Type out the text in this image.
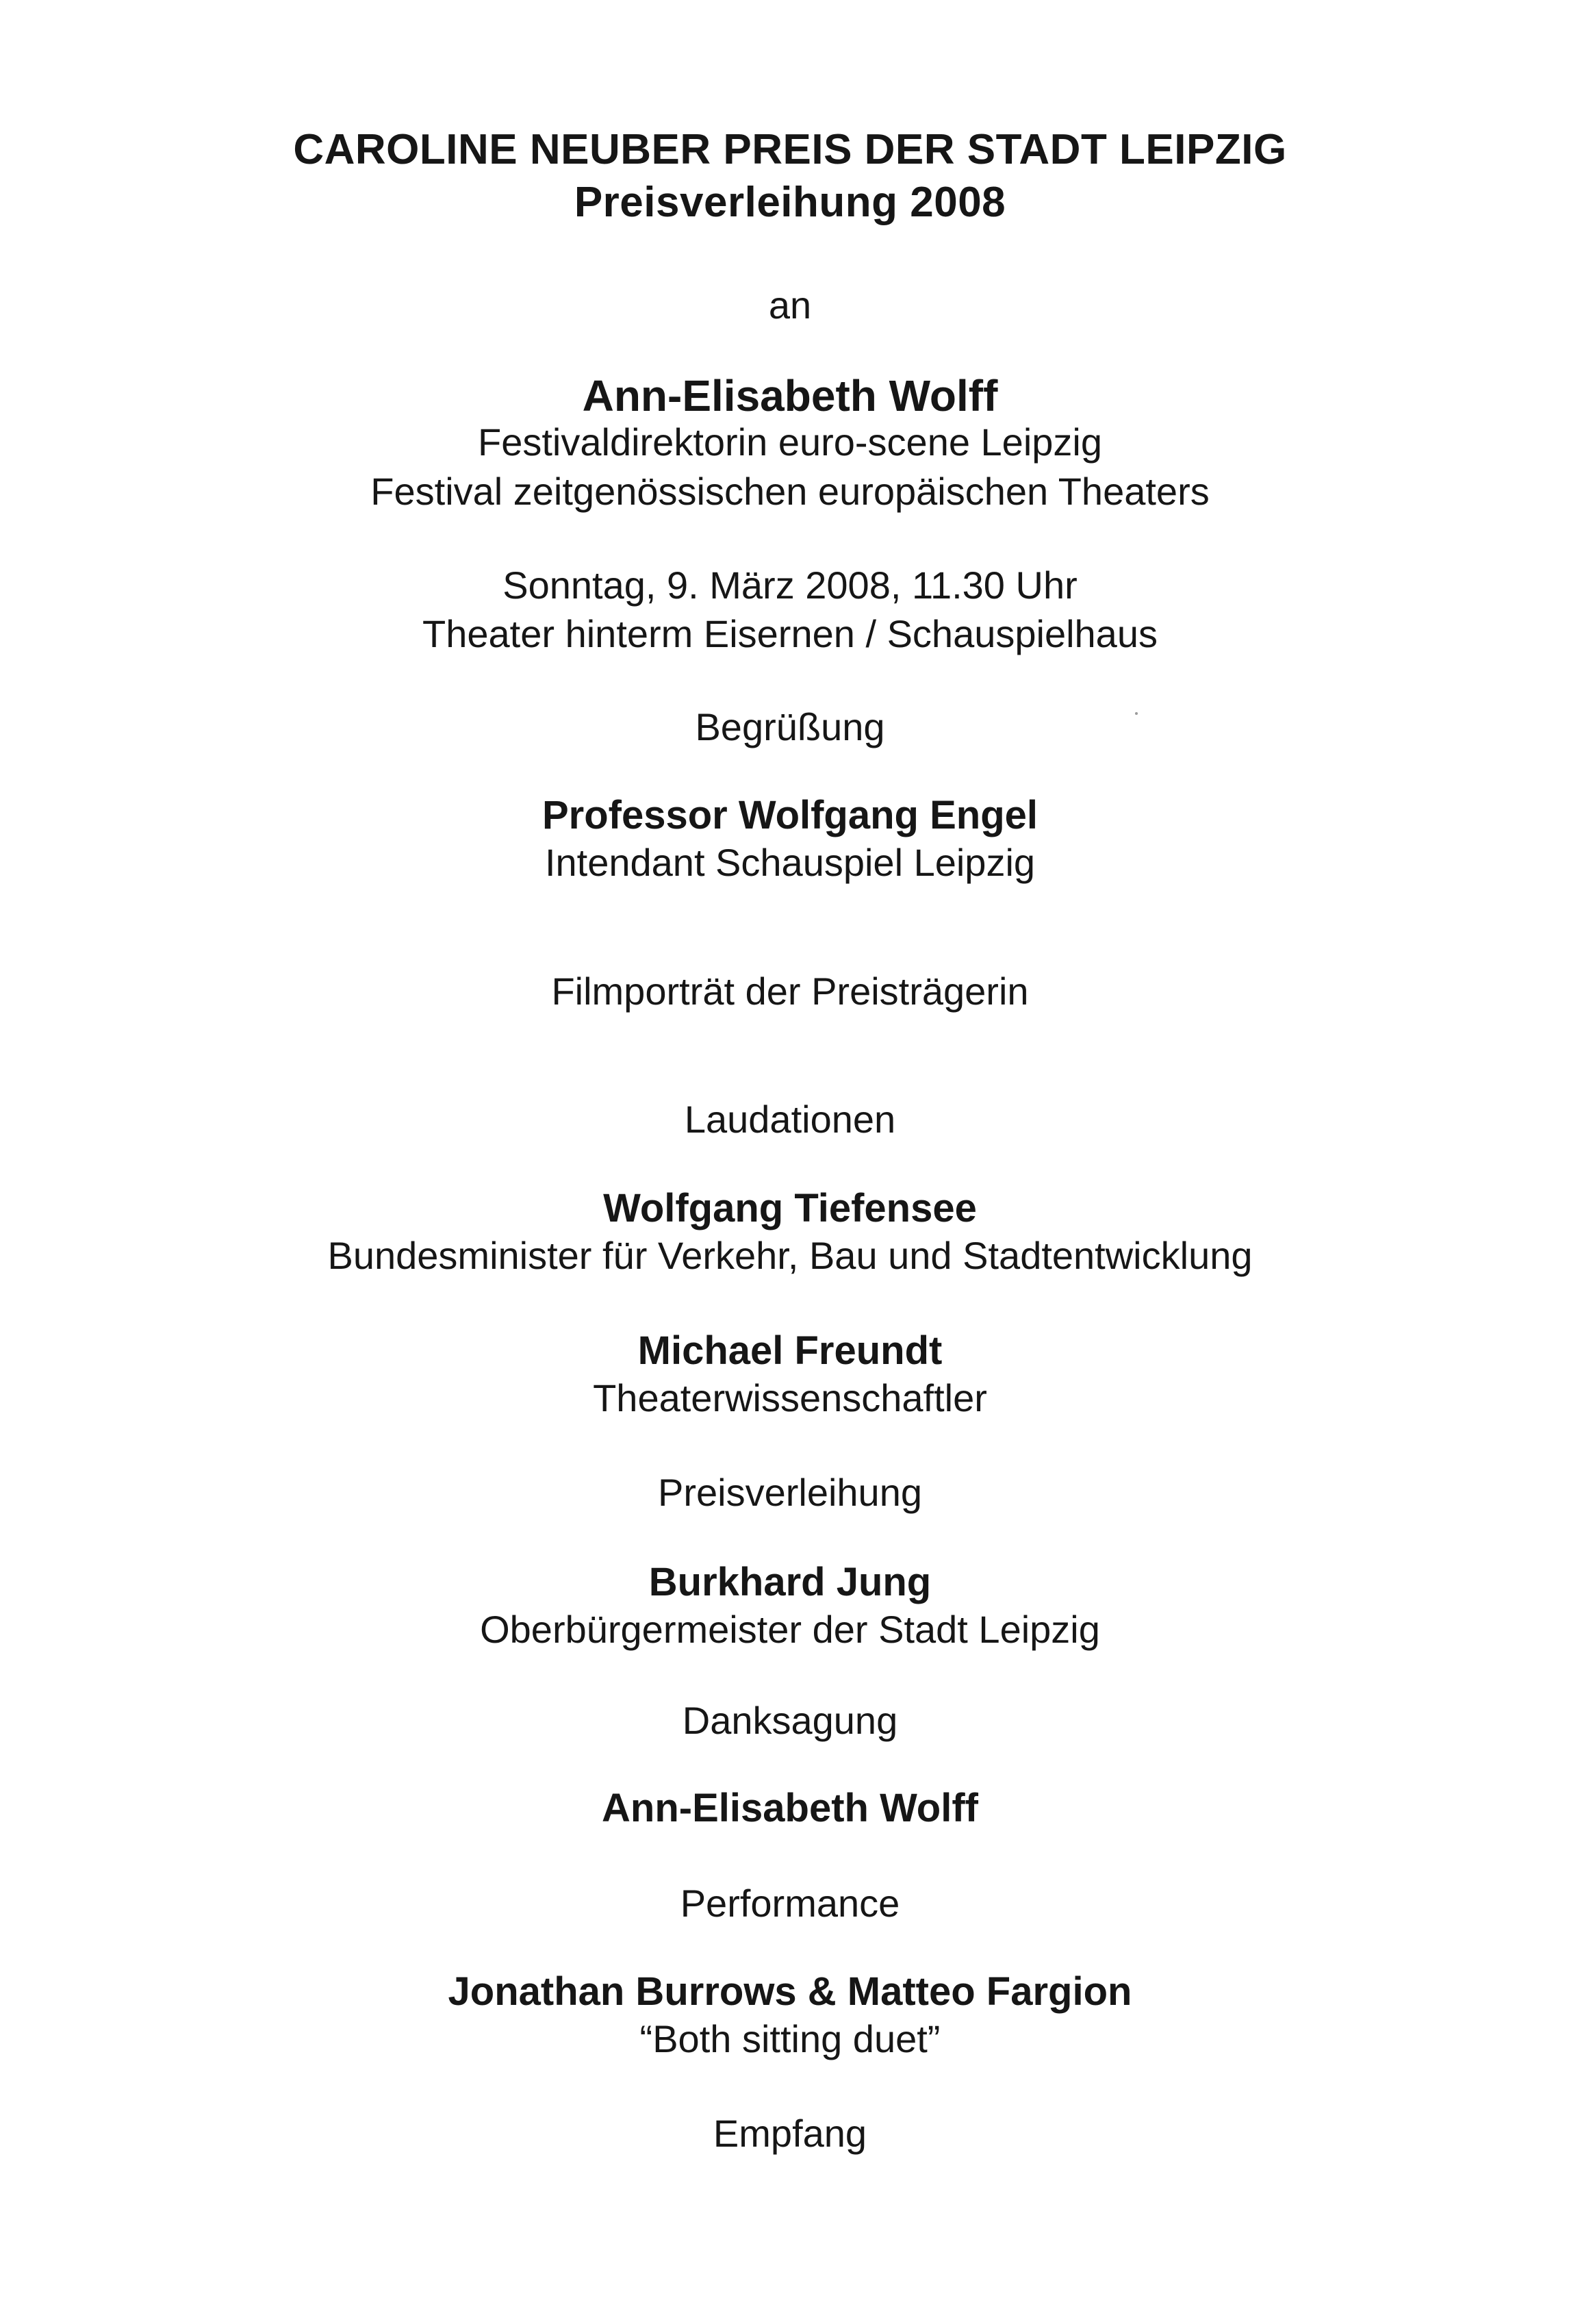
CAROLINE NEUBER PREIS DER STADT LEIPZIG
Preisverleihung 2008
an
Ann-Elisabeth Wolff
Festivaldirektorin euro-scene Leipzig
Festival zeitgenössischen europäischen Theaters
Sonntag, 9. März 2008, 11.30 Uhr
Theater hinterm Eisernen / Schauspielhaus
Begrüßung
Professor Wolfgang Engel
Intendant Schauspiel Leipzig
Filmporträt der Preisträgerin
Laudationen
Wolfgang Tiefensee
Bundesminister für Verkehr, Bau und Stadtentwicklung
Michael Freundt
Theaterwissenschaftler
Preisverleihung
Burkhard Jung
Oberbürgermeister der Stadt Leipzig
Danksagung
Ann-Elisabeth Wolff
Performance
Jonathan Burrows & Matteo Fargion
“Both sitting duet”
Empfang
